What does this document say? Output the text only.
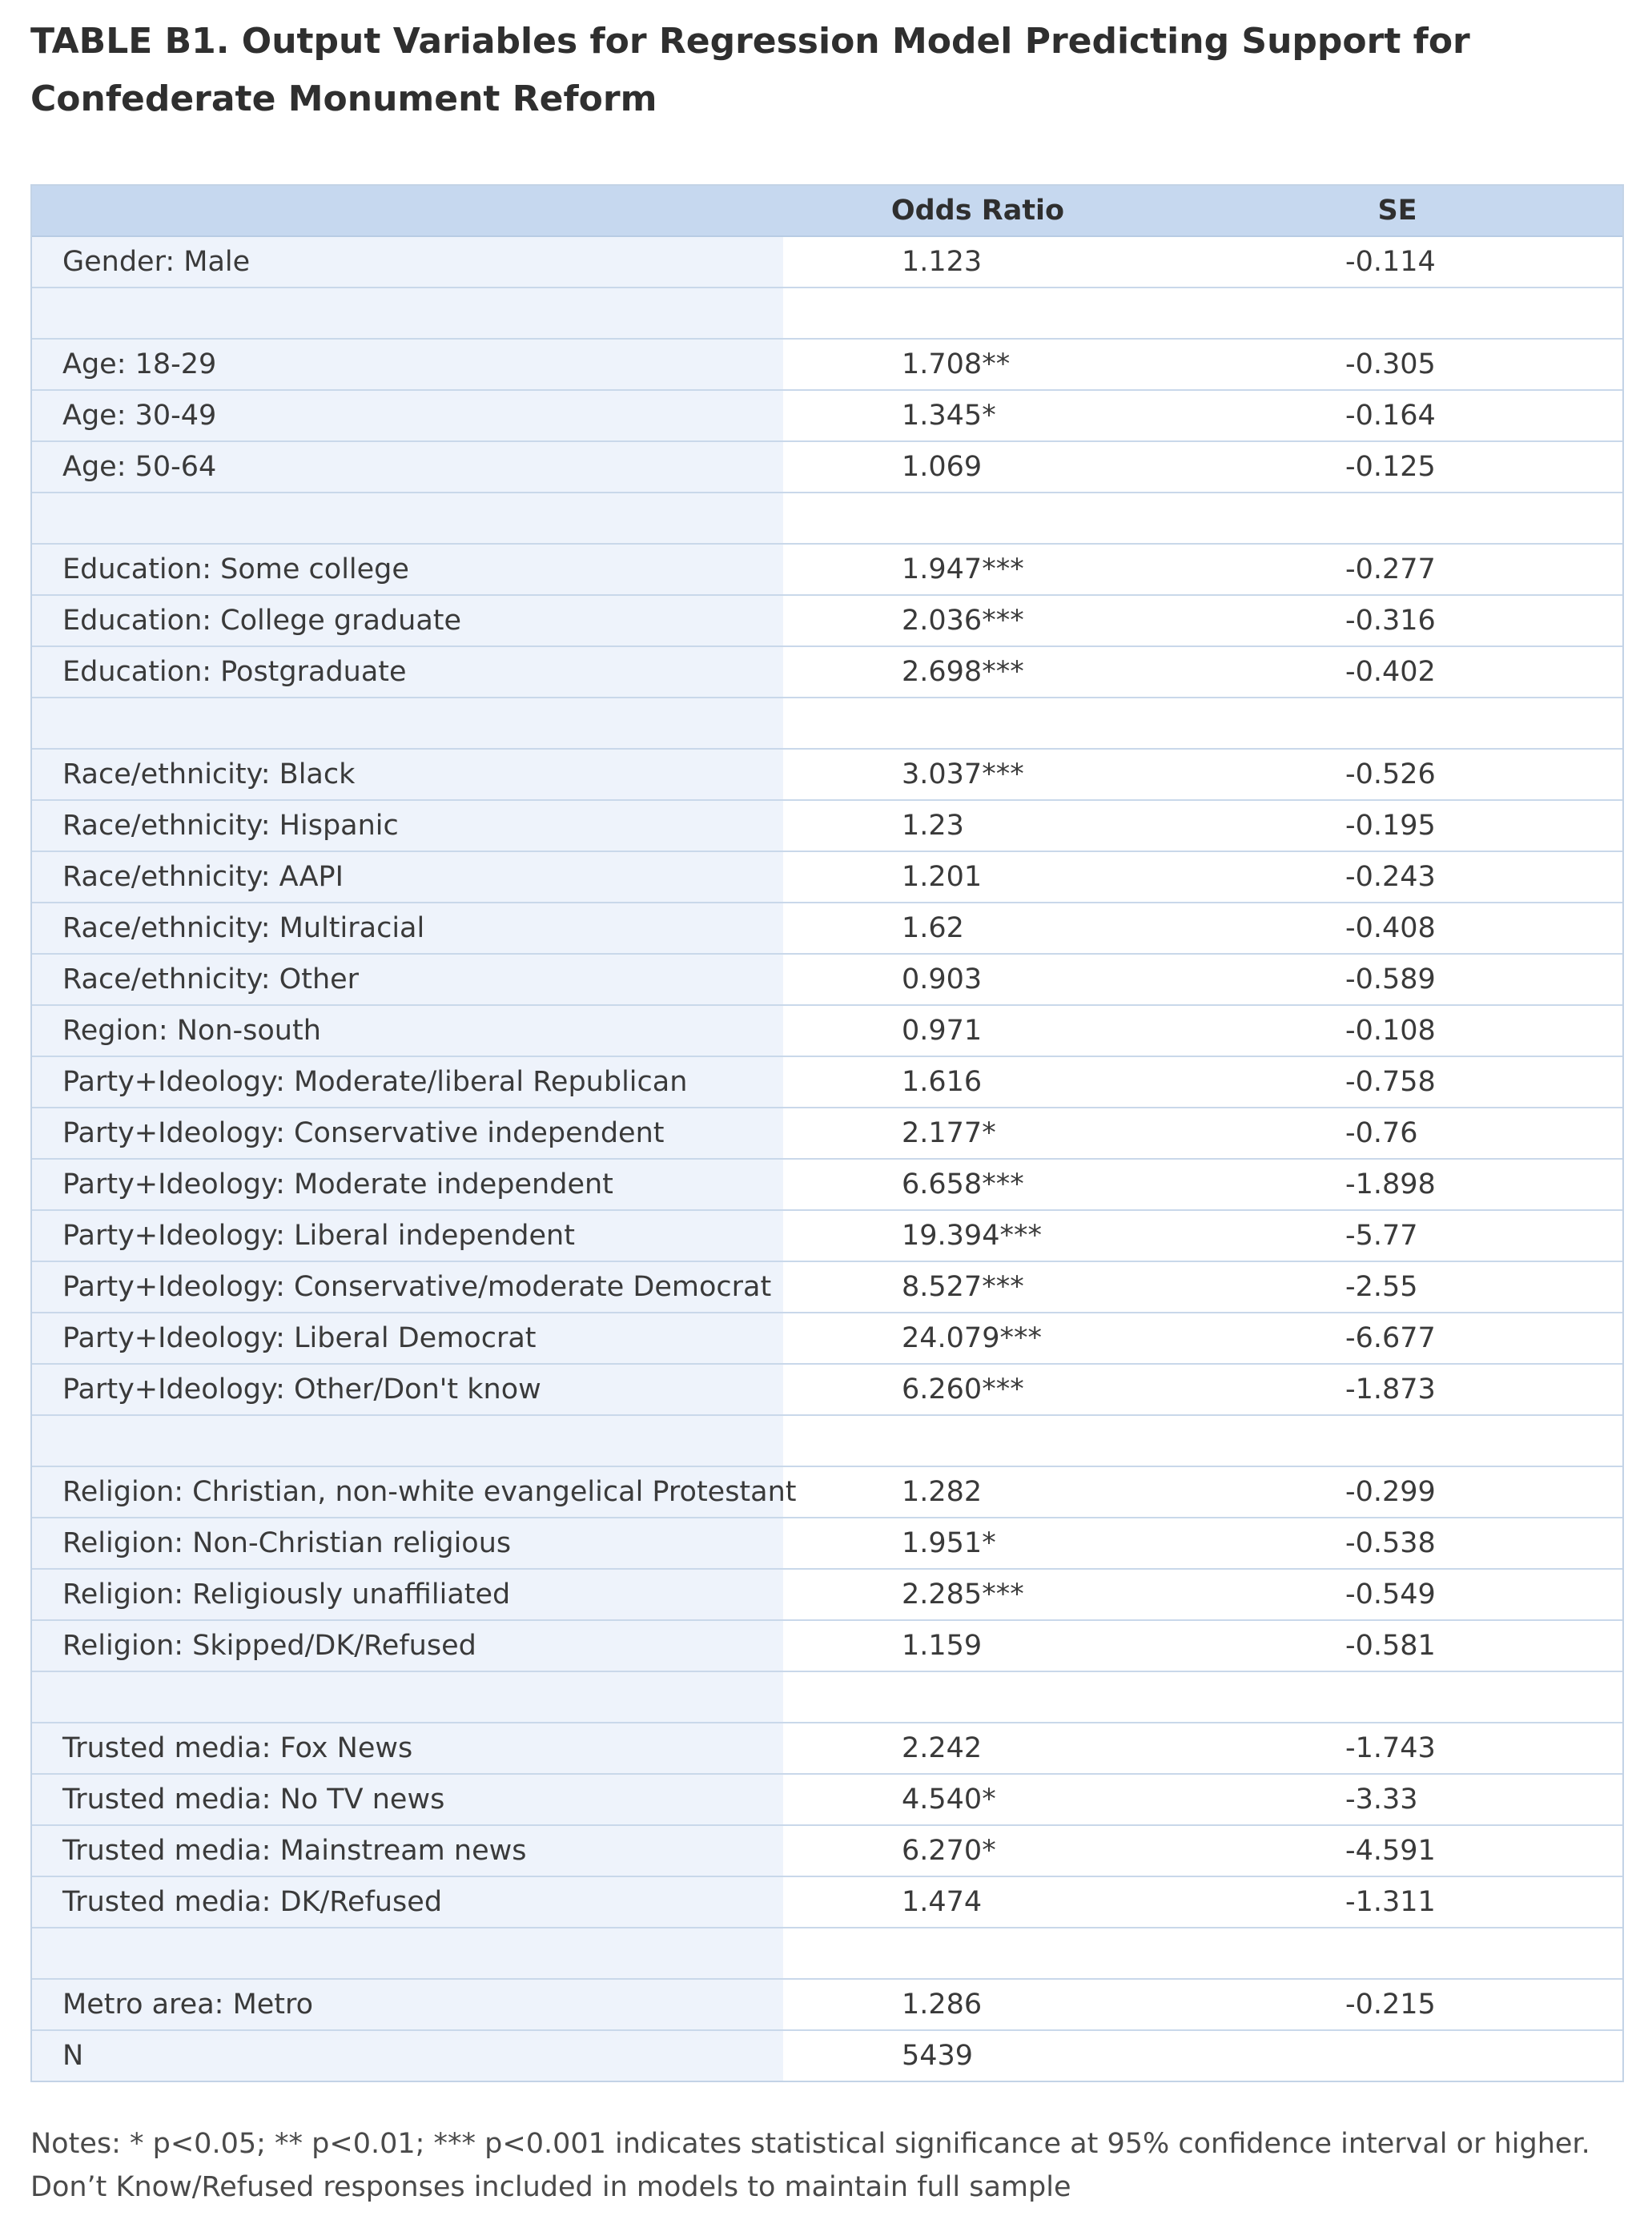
TABLE B1. Output Variables for Regression Model Predicting Support for Confederate Monument Reform
	Odds Ratio	SE
Gender: Male	1.123	-0.114

Age: 18-29	1.708**	-0.305
Age: 30-49	1.345*	-0.164
Age: 50-64	1.069	-0.125

Education: Some college	1.947***	-0.277
Education: College graduate	2.036***	-0.316
Education: Postgraduate	2.698***	-0.402

Race/ethnicity: Black	3.037***	-0.526
Race/ethnicity: Hispanic	1.23	-0.195
Race/ethnicity: AAPI	1.201	-0.243
Race/ethnicity: Multiracial	1.62	-0.408
Race/ethnicity: Other	0.903	-0.589
Region: Non-south	0.971	-0.108
Party+Ideology: Moderate/liberal Republican	1.616	-0.758
Party+Ideology: Conservative independent	2.177*	-0.76
Party+Ideology: Moderate independent	6.658***	-1.898
Party+Ideology: Liberal independent	19.394***	-5.77
Party+Ideology: Conservative/moderate Democrat	8.527***	-2.55
Party+Ideology: Liberal Democrat	24.079***	-6.677
Party+Ideology: Other/Don't know	6.260***	-1.873

Religion: Christian, non-white evangelical Protestant	1.282	-0.299
Religion: Non-Christian religious	1.951*	-0.538
Religion: Religiously unaffiliated	2.285***	-0.549
Religion: Skipped/DK/Refused	1.159	-0.581

Trusted media: Fox News	2.242	-1.743
Trusted media: No TV news	4.540*	-3.33
Trusted media: Mainstream news	6.270*	-4.591
Trusted media: DK/Refused	1.474	-1.311

Metro area: Metro	1.286	-0.215
N	5439	

Notes: * p<0.05; ** p<0.01; *** p<0.001 indicates statistical significance at 95% confidence interval or higher. Don’t Know/Refused responses included in models to maintain full sample
